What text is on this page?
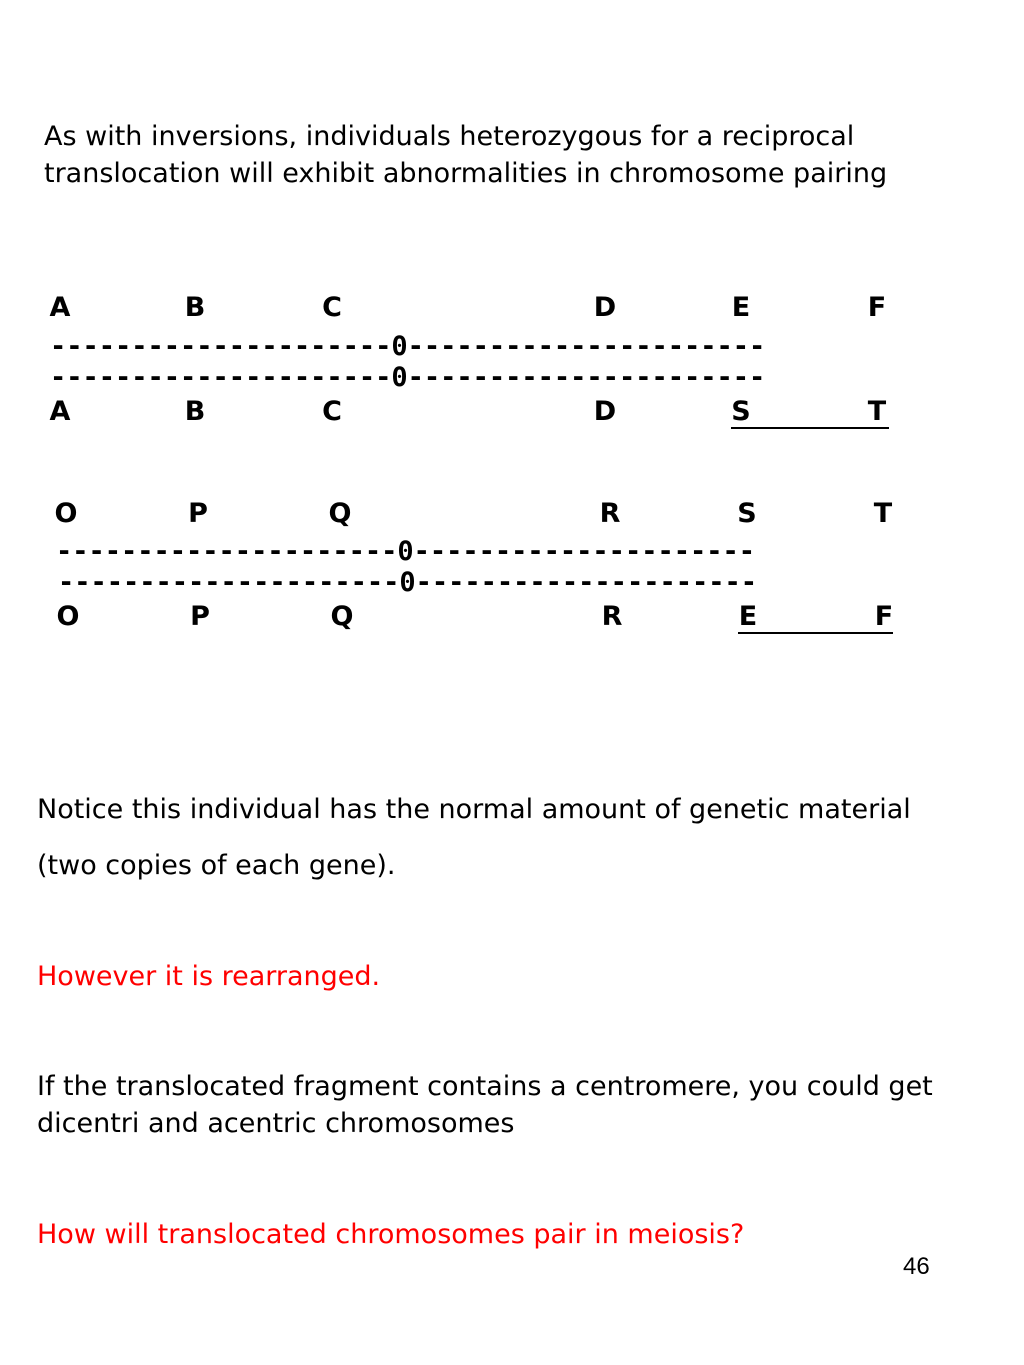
As with inversions, individuals heterozygous for a reciprocal
translocation will exhibit abnormalities in chromosome pairing
A	B	C	D	E	F
---------------------0----------------------
---------------------0----------------------
A	B	C	D	S	T
O	P	Q	R	S	T
---------------------0---------------------
---------------------0---------------------
O	P	Q	R	E	F
Notice this individual has the normal amount of genetic material
(two copies of each gene).
However it is rearranged.
If the translocated fragment contains a centromere, you could get
dicentri and acentric chromosomes
How will translocated chromosomes pair in meiosis?
46
